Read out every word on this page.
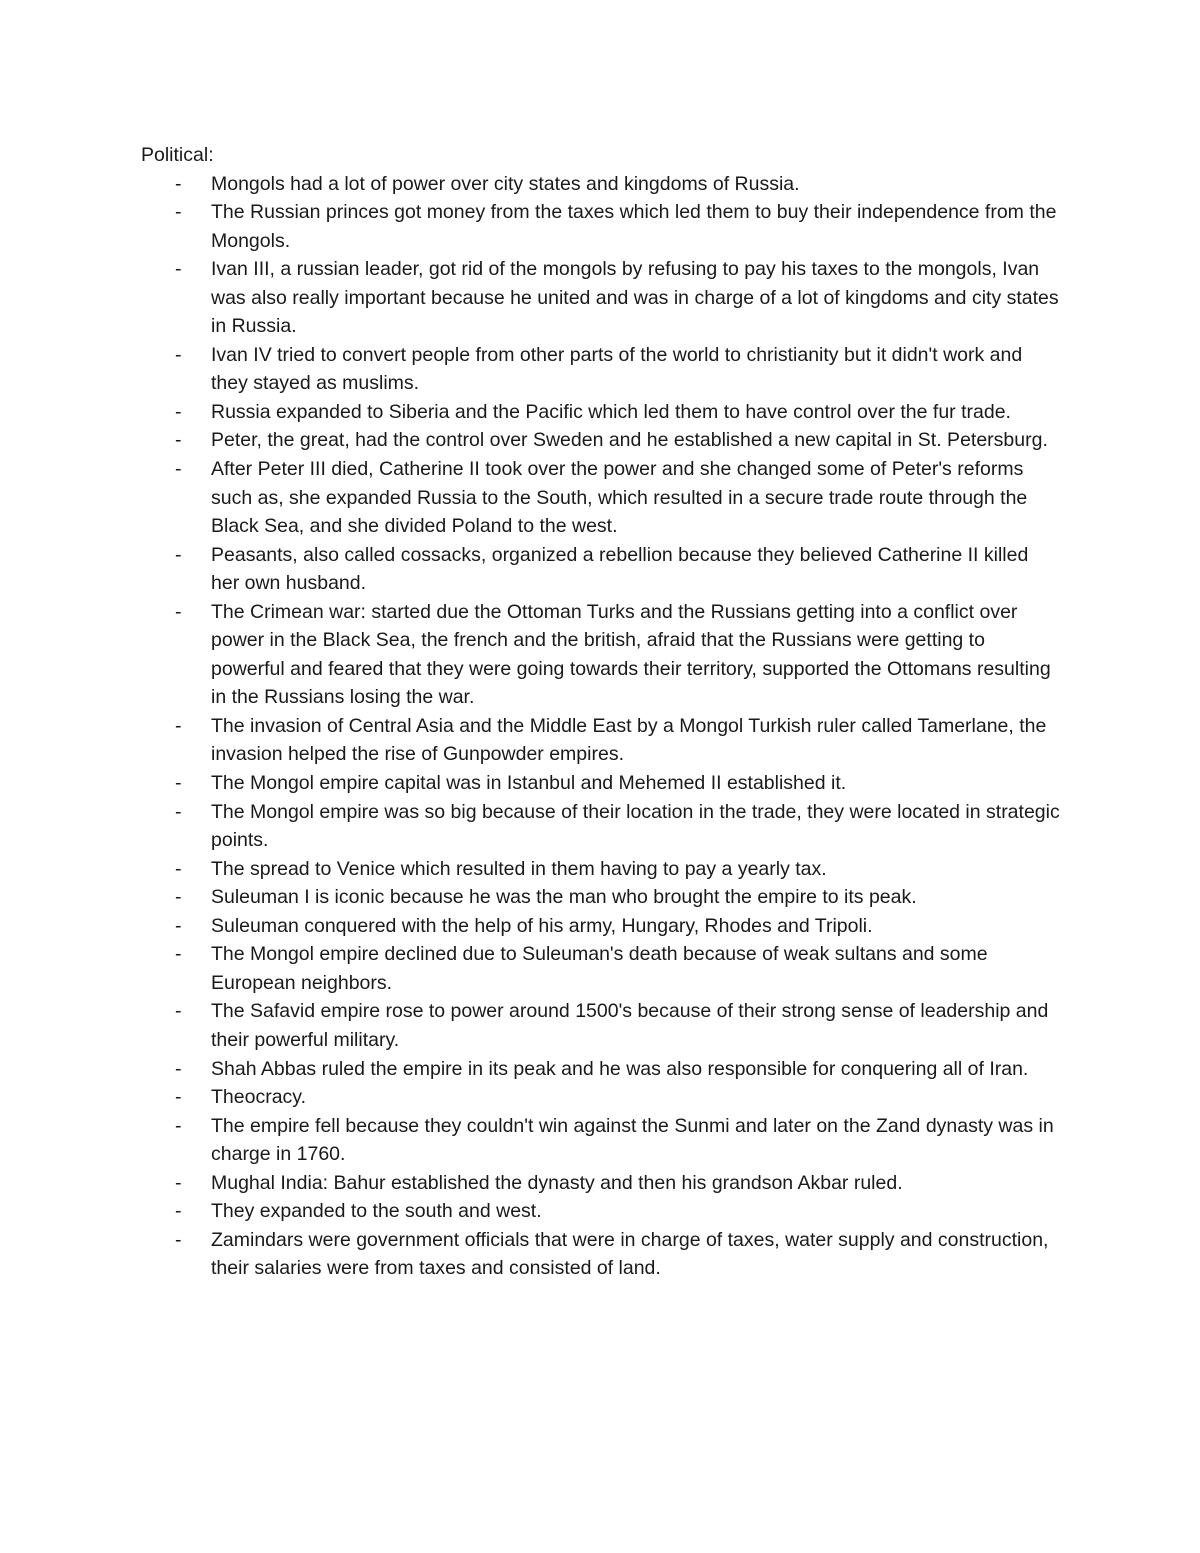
Political:

- Mongols had a lot of power over city states and kingdoms of Russia.
- The Russian princes got money from the taxes which led them to buy their independence from the Mongols.
- Ivan III, a russian leader, got rid of the mongols by refusing to pay his taxes to the mongols, Ivan was also really important because he united and was in charge of a lot of kingdoms and city states in Russia.
- Ivan IV tried to convert people from other parts of the world to christianity but it didn't work and they stayed as muslims.
- Russia expanded to Siberia and the Pacific which led them to have control over the fur trade.
- Peter, the great, had the control over Sweden and he established a new capital in St. Petersburg.
- After Peter III died, Catherine II took over the power and she changed some of Peter's reforms such as, she expanded Russia to the South, which resulted in a secure trade route through the Black Sea, and she divided Poland to the west.
- Peasants, also called cossacks, organized a rebellion because they believed Catherine II killed her own husband.
- The Crimean war: started due the Ottoman Turks and the Russians getting into a conflict over power in the Black Sea, the french and the british, afraid that the Russians were getting to powerful and feared that they were going towards their territory, supported the Ottomans resulting in the Russians losing the war.
- The invasion of Central Asia and the Middle East by a Mongol Turkish ruler called Tamerlane, the invasion helped the rise of Gunpowder empires.
- The Mongol empire capital was in Istanbul and Mehemed II established it.
- The Mongol empire was so big because of their location in the trade, they were located in strategic points.
- The spread to Venice which resulted in them having to pay a yearly tax.
- Suleuman I is iconic because he was the man who brought the empire to its peak.
- Suleuman conquered with the help of his army, Hungary, Rhodes and Tripoli.
- The Mongol empire declined due to Suleuman's death because of weak sultans and some European neighbors.
- The Safavid empire rose to power around 1500's because of their strong sense of leadership and their powerful military.
- Shah Abbas ruled the empire in its peak and he was also responsible for conquering all of Iran.
- Theocracy.
- The empire fell because they couldn't win against the Sunmi and later on the Zand dynasty was in charge in 1760.
- Mughal India: Bahur established the dynasty and then his grandson Akbar ruled.
- They expanded to the south and west.
- Zamindars were government officials that were in charge of taxes, water supply and construction, their salaries were from taxes and consisted of land.
